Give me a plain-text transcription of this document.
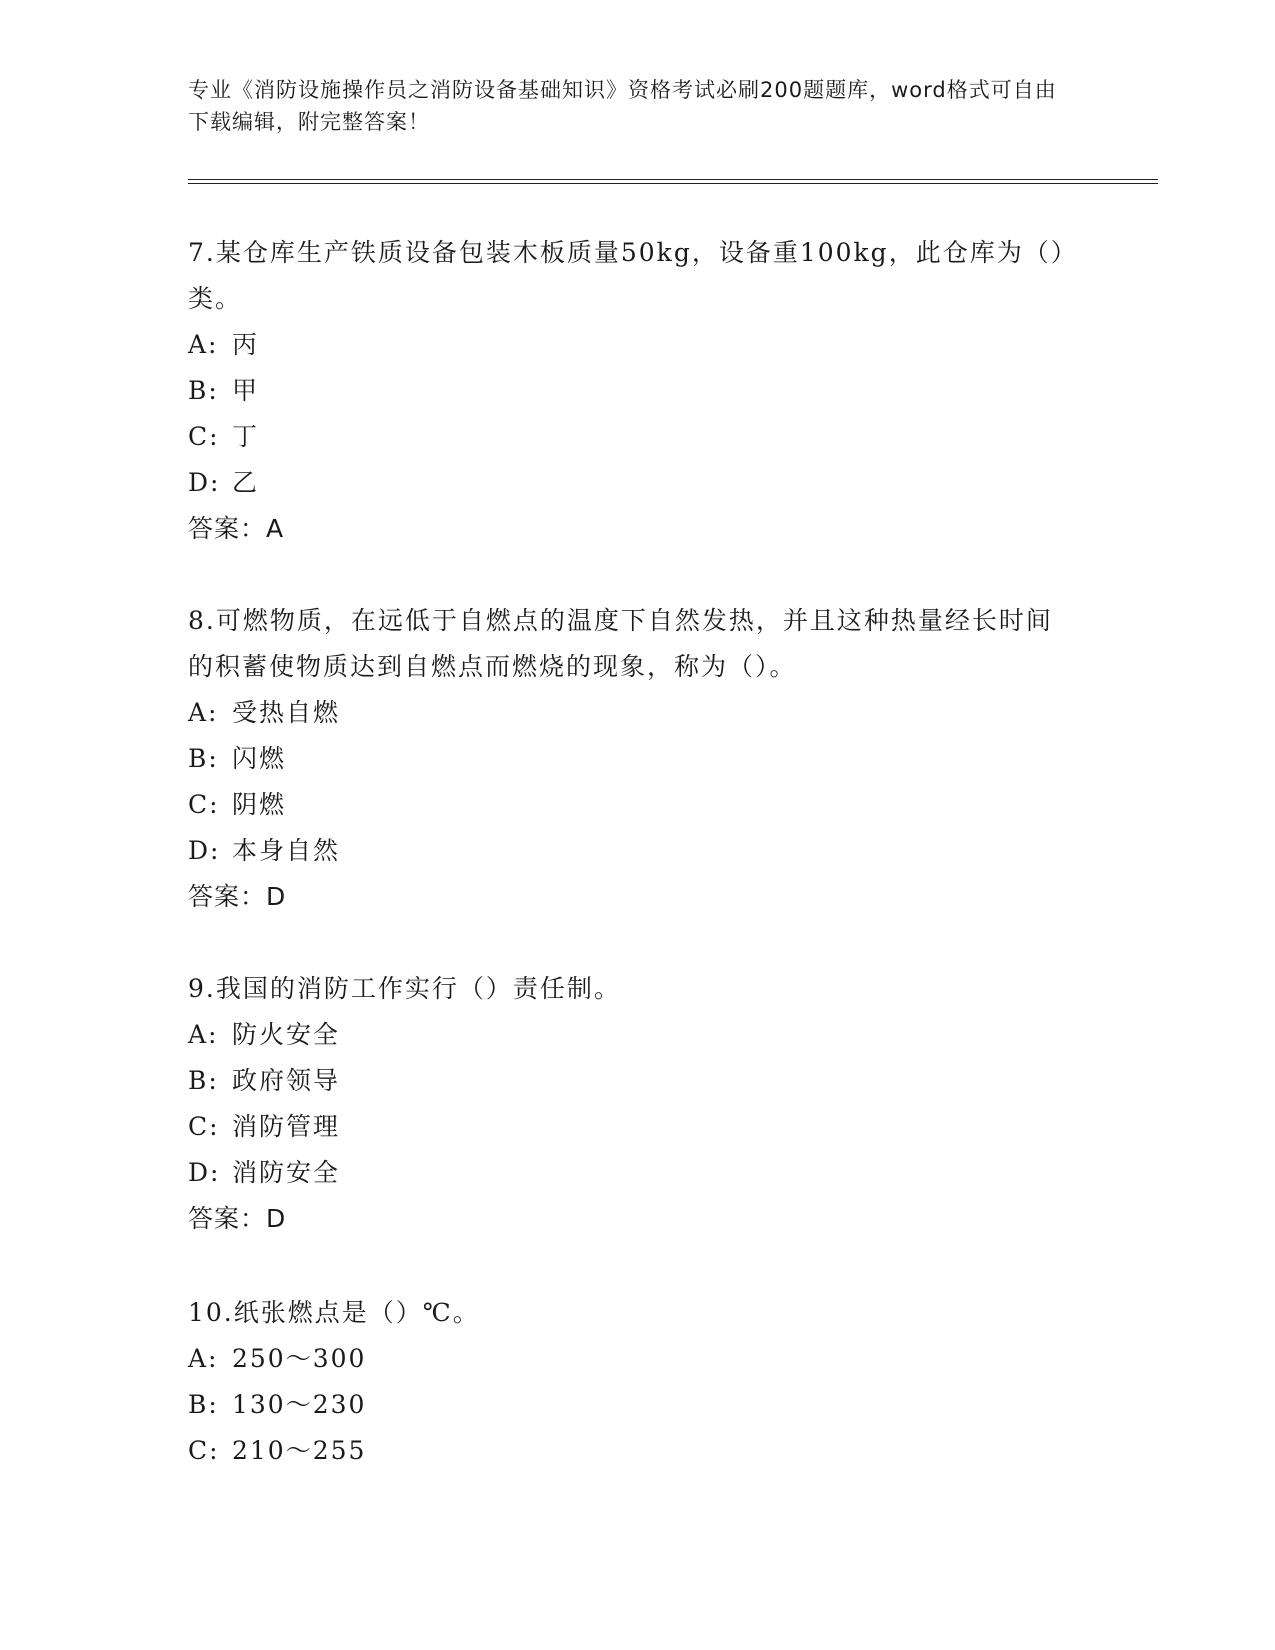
专业《消防设施操作员之消防设备基础知识》资格考试必刷200题题库，word格式可自由下载编辑，附完整答案！

7.某仓库生产铁质设备包装木板质量50kg，设备重100kg，此仓库为（）类。

A: 丙
B: 甲
C: 丁
D: 乙
答案：A

8.可燃物质，在远低于自燃点的温度下自然发热，并且这种热量经长时间的积蓄使物质达到自燃点而燃烧的现象，称为（）。

A: 受热自燃
B: 闪燃
C: 阴燃
D: 本身自然
答案：D

9.我国的消防工作实行（）责任制。

A: 防火安全
B: 政府领导
C: 消防管理
D: 消防安全
答案：D

10.纸张燃点是（）℃。

A: 250～300
B: 130～230
C: 210～255
